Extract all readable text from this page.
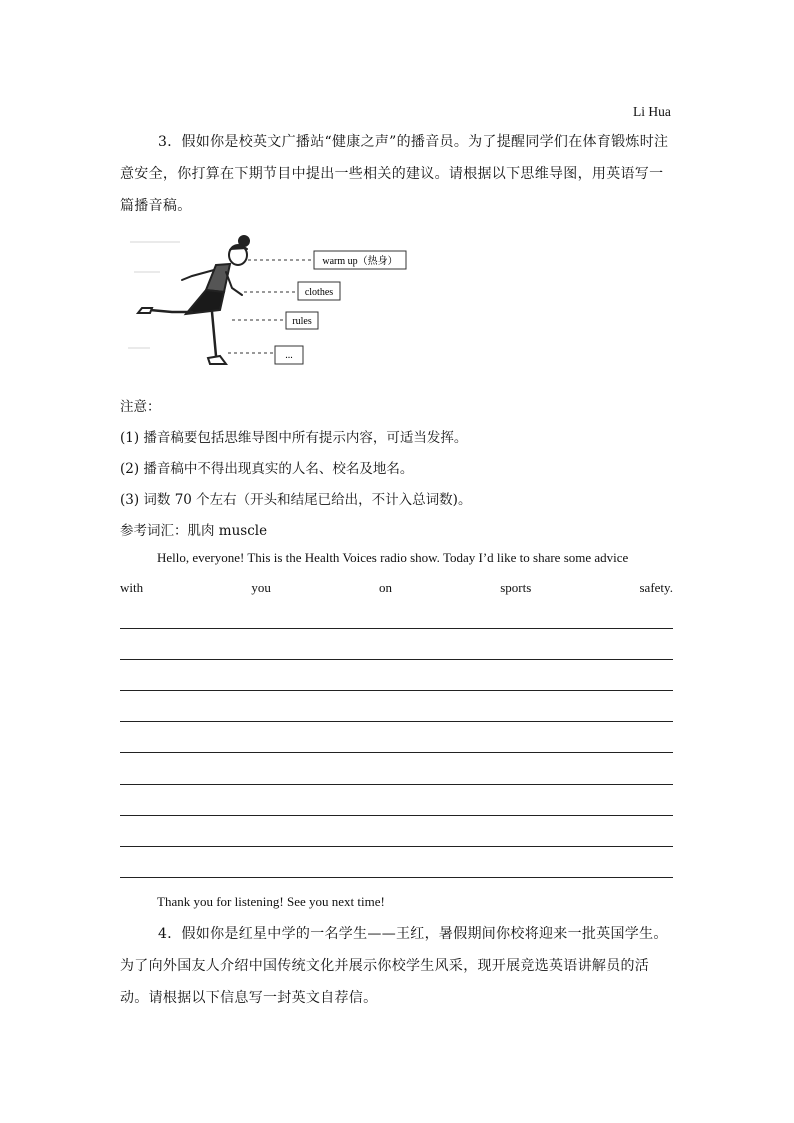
Li Hua
3．假如你是校英文广播站“健康之声”的播音员。为了提醒同学们在体育锻炼时注意安全，你打算在下期节目中提出一些相关的建议。请根据以下思维导图，用英语写一篇播音稿。
warm up（热身）
clothes
rules
...
注意：
(1) 播音稿要包括思维导图中所有提示内容，可适当发挥。
(2) 播音稿中不得出现真实的人名、校名及地名。
(3) 词数 70 个左右（开头和结尾已给出，不计入总词数)。
参考词汇：肌肉 muscle
Hello, everyone! This is the Health Voices radio show. Today I’d like to share some advice
with	you	on	sports	safety.
Thank you for listening! See you next time!
4．假如你是红星中学的一名学生——王红，暑假期间你校将迎来一批英国学生。为了向外国友人介绍中国传统文化并展示你校学生风采，现开展竞选英语讲解员的活动。请根据以下信息写一封英文自荐信。
